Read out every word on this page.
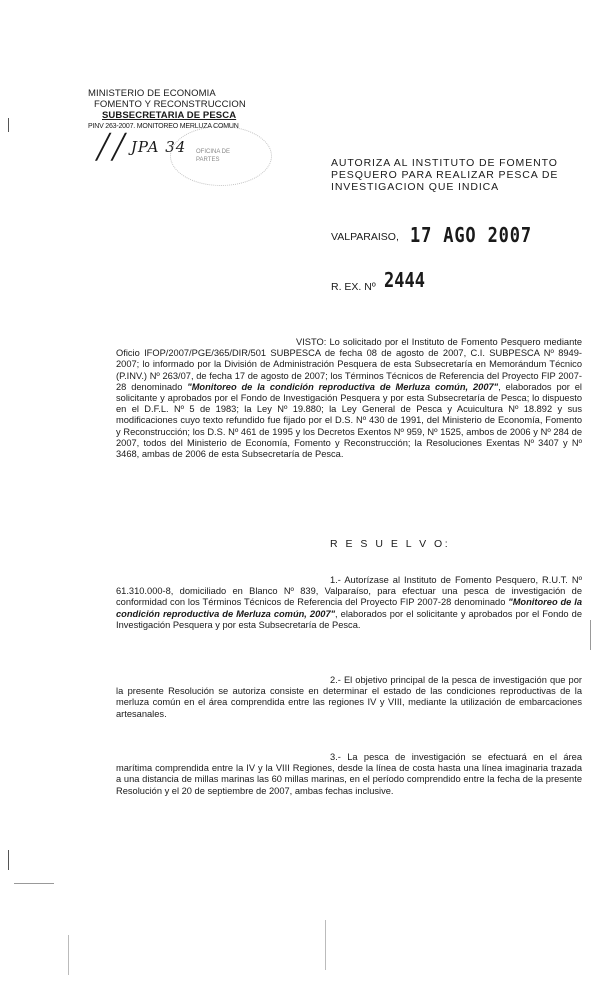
MINISTERIO DE ECONOMIA
FOMENTO Y RECONSTRUCCION
SUBSECRETARIA DE PESCA
PINV 263-2007. MONITOREO MERLUZA COMUN
╱╱ JPA 34 OFICINA DE
PARTES	AUTORIZA AL INSTITUTO DE FOMENTO
PESQUERO PARA REALIZAR PESCA DE
INVESTIGACION QUE INDICA
VALPARAISO, 17 AGO 2007
R. EX. Nº 2444

VISTO: Lo solicitado por el Instituto de Fomento Pesquero mediante Oficio IFOP/2007/PGE/365/DIR/501 SUBPESCA de fecha 08 de agosto de 2007, C.I. SUBPESCA Nº 8949-2007; lo informado por la División de Administración Pesquera de esta Subsecretaría en Memorándum Técnico (P.INV.) Nº 263/07, de fecha 17 de agosto de 2007; los Términos Técnicos de Referencia del Proyecto FIP 2007-28 denominado "Monitoreo de la condición reproductiva de Merluza común, 2007", elaborados por el solicitante y aprobados por el Fondo de Investigación Pesquera y por esta Subsecretaría de Pesca; lo dispuesto en el D.F.L. Nº 5 de 1983; la Ley Nº 19.880; la Ley General de Pesca y Acuicultura Nº 18.892 y sus modificaciones cuyo texto refundido fue fijado por el D.S. Nº 430 de 1991, del Ministerio de Economía, Fomento y Reconstrucción; los D.S. Nº 461 de 1995 y los Decretos Exentos Nº 959, Nº 1525, ambos de 2006 y Nº 284 de 2007, todos del Ministerio de Economía, Fomento y Reconstrucción; la Resoluciones Exentas Nº 3407 y Nº 3468, ambas de 2006 de esta Subsecretaría de Pesca.

R E S U E L V O:

1.- Autorízase al Instituto de Fomento Pesquero, R.U.T. Nº 61.310.000-8, domiciliado en Blanco Nº 839, Valparaíso, para efectuar una pesca de investigación de conformidad con los Términos Técnicos de Referencia del Proyecto FIP 2007-28 denominado "Monitoreo de la condición reproductiva de Merluza común, 2007", elaborados por el solicitante y aprobados por el Fondo de Investigación Pesquera y por esta Subsecretaría de Pesca.

2.- El objetivo principal de la pesca de investigación que por la presente Resolución se autoriza consiste en determinar el estado de las condiciones reproductivas de la merluza común en el área comprendida entre las regiones IV y VIII, mediante la utilización de embarcaciones artesanales.

3.- La pesca de investigación se efectuará en el área marítima comprendida entre la IV y la VIII Regiones, desde la línea de costa hasta una línea imaginaria trazada a una distancia de millas marinas las 60 millas marinas, en el período comprendido entre la fecha de la presente Resolución y el 20 de septiembre de 2007, ambas fechas inclusive.
